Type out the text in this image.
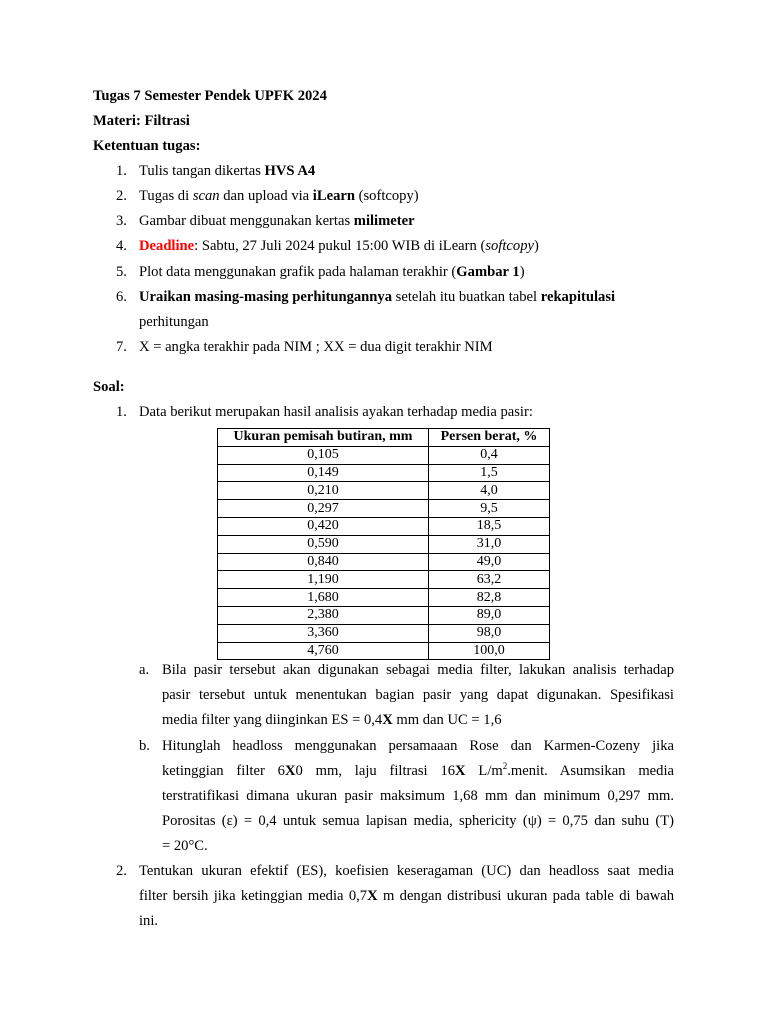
Tugas 7 Semester Pendek UPFK 2024
Materi: Filtrasi
Ketentuan tugas:
1. Tulis tangan dikertas HVS A4
2. Tugas di scan dan upload via iLearn (softcopy)
3. Gambar dibuat menggunakan kertas milimeter
4. Deadline: Sabtu, 27 Juli 2024 pukul 15:00 WIB di iLearn (softcopy)
5. Plot data menggunakan grafik pada halaman terakhir (Gambar 1)
6. Uraikan masing-masing perhitungannya setelah itu buatkan tabel rekapitulasi
perhitungan
7. X = angka terakhir pada NIM ; XX = dua digit terakhir NIM
Soal:
1. Data berikut merupakan hasil analisis ayakan terhadap media pasir:
Ukuran pemisah butiran, mm	Persen berat, %
0,105	0,4
0,149	1,5
0,210	4,0
0,297	9,5
0,420	18,5
0,590	31,0
0,840	49,0
1,190	63,2
1,680	82,8
2,380	89,0
3,360	98,0
4,760	100,0
a. Bila pasir tersebut akan digunakan sebagai media filter, lakukan analisis terhadap
pasir tersebut untuk menentukan bagian pasir yang dapat digunakan. Spesifikasi
media filter yang diinginkan ES = 0,4X mm dan UC = 1,6
b. Hitunglah headloss menggunakan persamaaan Rose dan Karmen-Cozeny jika
ketinggian filter 6X0 mm, laju filtrasi 16X $L/m^2.menit$. Asumsikan media
terstratifikasi dimana ukuran pasir maksimum 1,68 mm dan minimum 0,297 mm.
Porositas (ε) = 0,4 untuk semua lapisan media, sphericity (ψ) = 0,75 dan suhu (T)
= 20°C.
2. Tentukan ukuran efektif (ES), koefisien keseragaman (UC) dan headloss saat media
filter bersih jika ketinggian media 0,7X m dengan distribusi ukuran pada table di bawah
ini.
